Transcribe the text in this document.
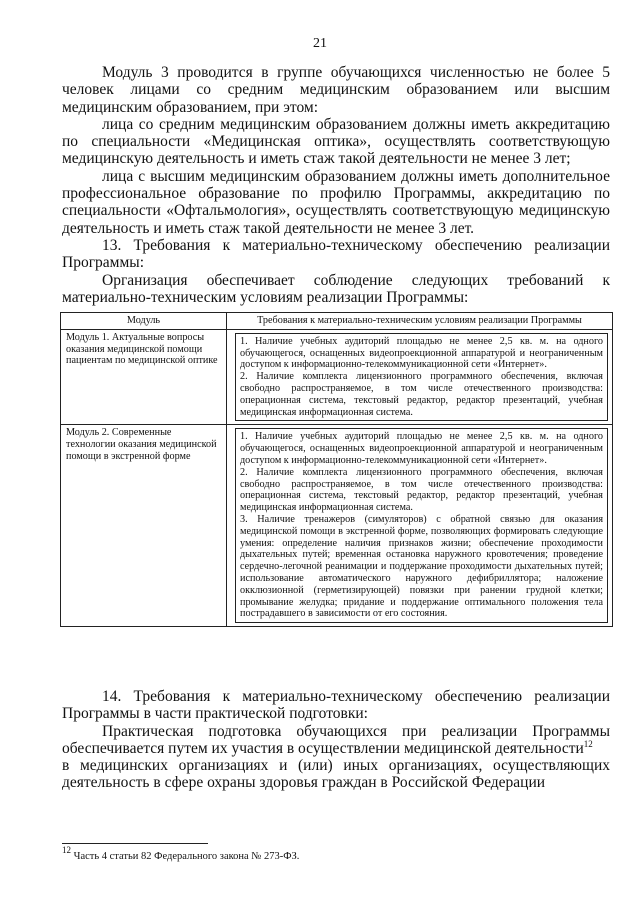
21

Модуль 3 проводится в группе обучающихся численностью не более 5 человек лицами со средним медицинским образованием или высшим медицинским образованием, при этом:

лица со средним медицинским образованием должны иметь аккредитацию по специальности «Медицинская оптика», осуществлять соответствующую медицинскую деятельность и иметь стаж такой деятельности не менее 3 лет;

лица с высшим медицинским образованием должны иметь дополнительное профессиональное образование по профилю Программы, аккредитацию по специальности «Офтальмология», осуществлять соответствующую медицинскую деятельность и иметь стаж такой деятельности не менее 3 лет.

13. Требования к материально-техническому обеспечению реализации Программы:

Организация обеспечивает соблюдение следующих требований к материально-техническим условиям реализации Программы:

Модуль	Требования к материально-техническим условиям реализации Программы
Модуль 1. Актуальные вопросы оказания медицинской помощи пациентам по медицинской оптике	1. Наличие учебных аудиторий площадью не менее 2,5 кв. м. на одного обучающегося, оснащенных видеопроекционной аппаратурой и неограниченным доступом к информационно-телекоммуникационной сети «Интернет».
2. Наличие комплекта лицензионного программного обеспечения, включая свободно распространяемое, в том числе отечественного производства: операционная система, текстовый редактор, редактор презентаций, учебная медицинская информационная система.

Модуль 2. Современные технологии оказания медицинской помощи в экстренной форме	1. Наличие учебных аудиторий площадью не менее 2,5 кв. м. на одного обучающегося, оснащенных видеопроекционной аппаратурой и неограниченным доступом к информационно-телекоммуникационной сети «Интернет».
2. Наличие комплекта лицензионного программного обеспечения, включая свободно распространяемое, в том числе отечественного производства: операционная система, текстовый редактор, редактор презентаций, учебная медицинская информационная система.
3. Наличие тренажеров (симуляторов) с обратной связью для оказания медицинской помощи в экстренной форме, позволяющих формировать следующие умения: определение наличия признаков жизни; обеспечение проходимости дыхательных путей; временная остановка наружного кровотечения; проведение сердечно-легочной реанимации и поддержание проходимости дыхательных путей; использование автоматического наружного дефибриллятора; наложение окклюзионной (герметизирующей) повязки при ранении грудной клетки; промывание желудка; придание и поддержание оптимального положения тела пострадавшего в зависимости от его состояния.

14. Требования к материально-техническому обеспечению реализации Программы в части практической подготовки:

Практическая подготовка обучающихся при реализации Программы обеспечивается путем их участия в осуществлении медицинской деятельности$^{12}$

в медицинских организациях и (или) иных организациях, осуществляющих деятельность в сфере охраны здоровья граждан в Российской Федерации

$^{12}$ Часть 4 статьи 82 Федерального закона № 273-ФЗ.
